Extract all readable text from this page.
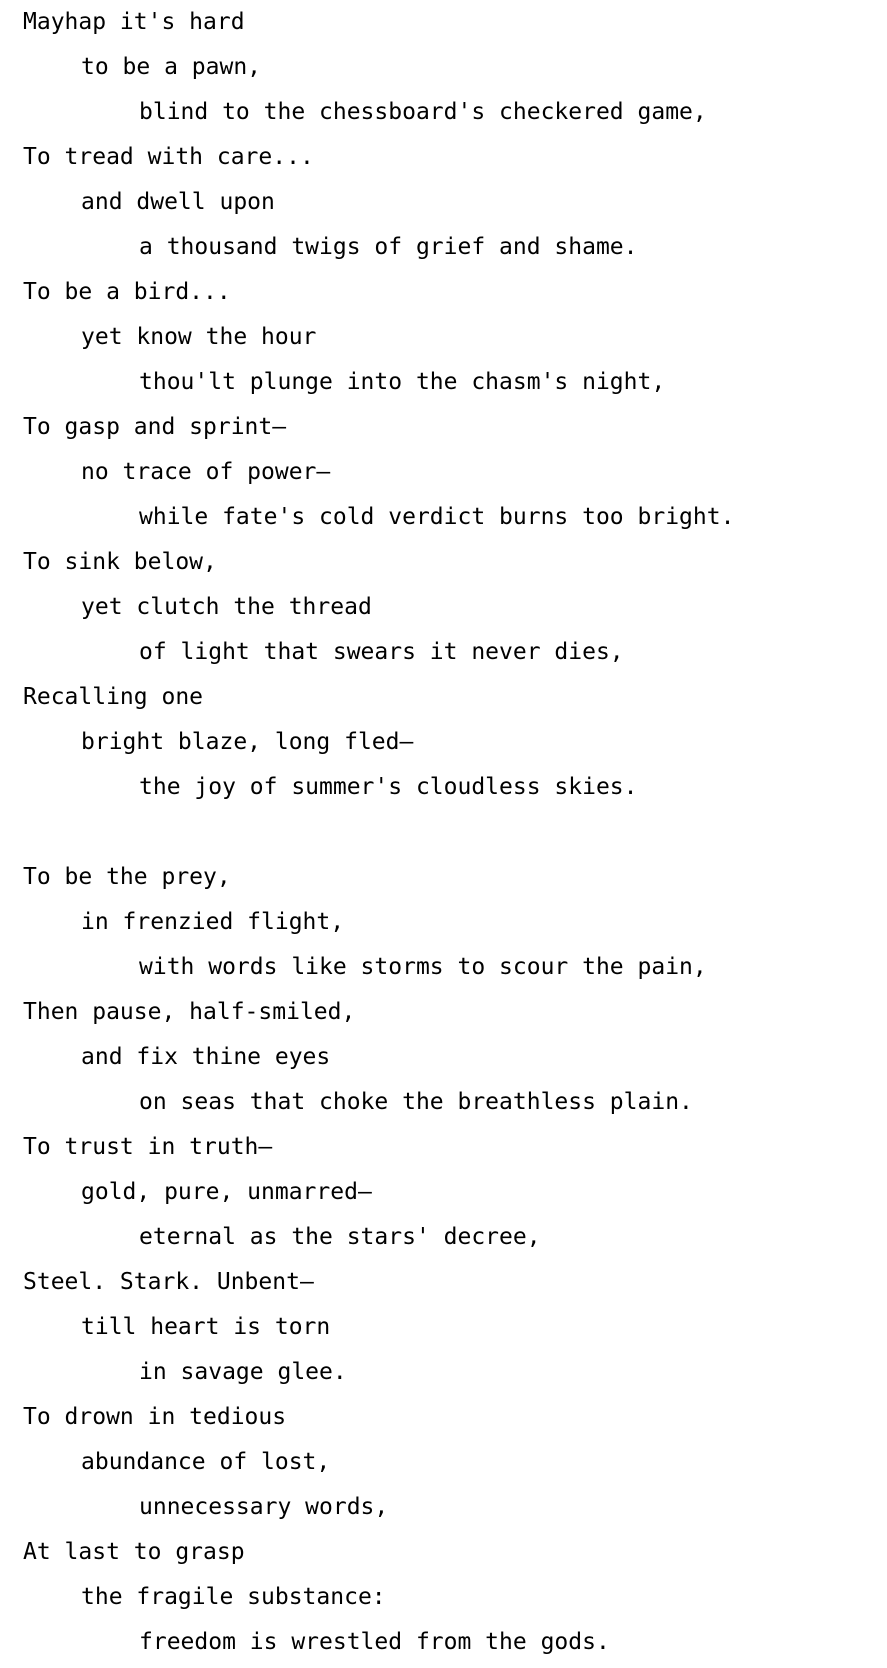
Mayhap it's hard

to be a pawn,

blind to the chessboard's checkered game,

To tread with care...

and dwell upon

a thousand twigs of grief and shame.

To be a bird...

yet know the hour

thou'lt plunge into the chasm's night,

To gasp and sprint—

no trace of power—

while fate's cold verdict burns too bright.

To sink below,

yet clutch the thread

of light that swears it never dies,

Recalling one

bright blaze, long fled—

the joy of summer's cloudless skies.

To be the prey,

in frenzied flight,

with words like storms to scour the pain,

Then pause, half-smiled,

and fix thine eyes

on seas that choke the breathless plain.

To trust in truth—

gold, pure, unmarred—

eternal as the stars' decree,

Steel. Stark. Unbent—

till heart is torn

in savage glee.

To drown in tedious

abundance of lost,

unnecessary words,

At last to grasp

the fragile substance:

freedom is wrestled from the gods.
